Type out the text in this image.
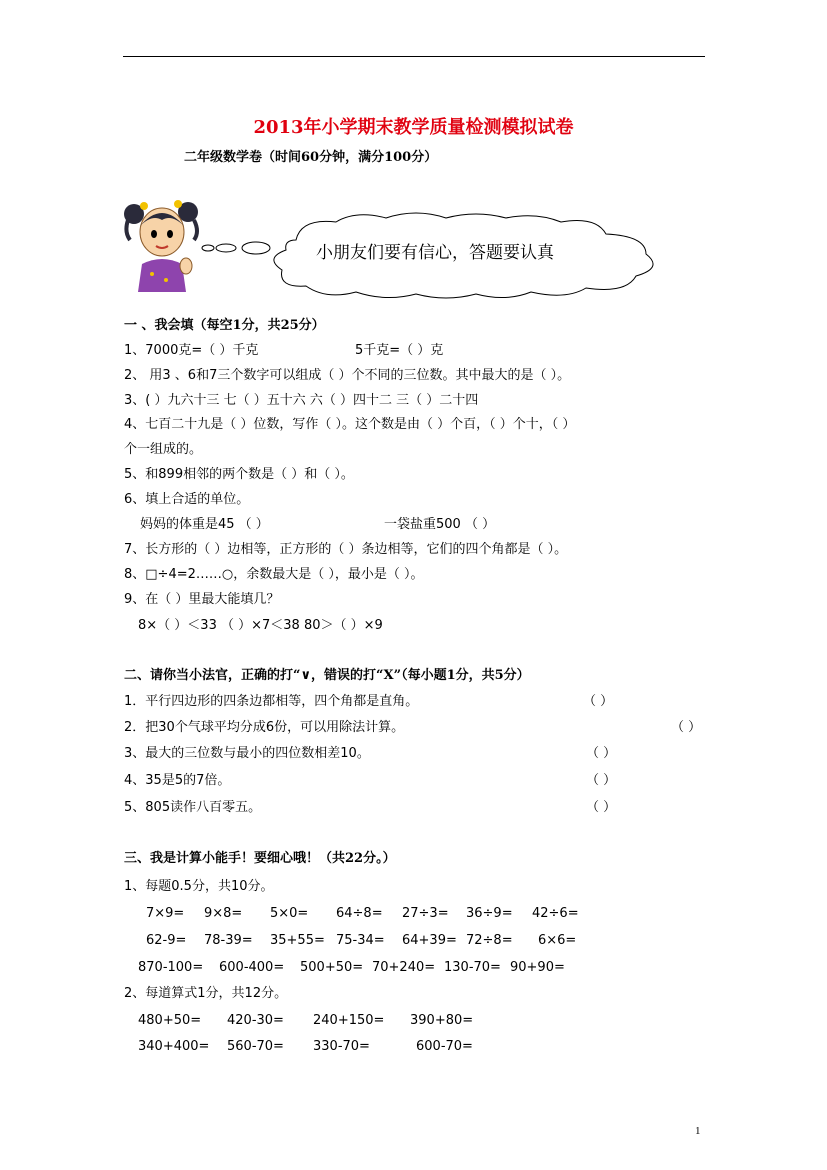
2013年小学期末教学质量检测模拟试卷
二年级数学卷（时间60分钟，满分100分）
小朋友们要有信心，答题要认真
一 、我会填（每空1分，共25分）
1、7000克=（ ）千克	5千克=（ ）克
2、 用3 、6和7三个数字可以组成（ ）个不同的三位数。其中最大的是（ ）。
3、( ）九六十三 七（ ）五十六 六（ ）四十二 三（ ）二十四
4、七百二十九是（ ）位数，写作（ ）。这个数是由（ ）个百，（ ）个十，（ ）
个一组成的。
5、和899相邻的两个数是（ ）和（ ）。
6、填上合适的单位。
妈妈的体重是45 （ ）	一袋盐重500 （ ）
7、长方形的（ ）边相等，正方形的（ ）条边相等，它们的四个角都是（ ）。
8、□÷4=2……○，余数最大是（ ），最小是（ ）。
9、在（ ）里最大能填几？
8×（ ）＜33 （ ）×7＜38 80＞（ ）×9
二、请你当小法官，正确的打“∨，错误的打“X”（每小题1分，共5分）
1．平行四边形的四条边都相等，四个角都是直角。	（ ）
2．把30个气球平均分成6份，可以用除法计算。	（ ）
3、最大的三位数与最小的四位数相差10。	（ ）
4、35是5的7倍。	（ ）
5、805读作八百零五。	（ ）
三、我是计算小能手！要细心哦！（共22分。）
1、每题0.5分，共10分。
7×9= 9×8= 5×0= 64÷8= 27÷3= 36÷9= 42÷6=
62-9= 78-39= 35+55= 75-34= 64+39= 72÷8= 6×6=
870-100= 600-400= 500+50= 70+240= 130-70= 90+90=
2、每道算式1分，共12分。
480+50= 420-30= 240+150= 390+80=
340+400= 560-70= 330-70=	600-70=
1
